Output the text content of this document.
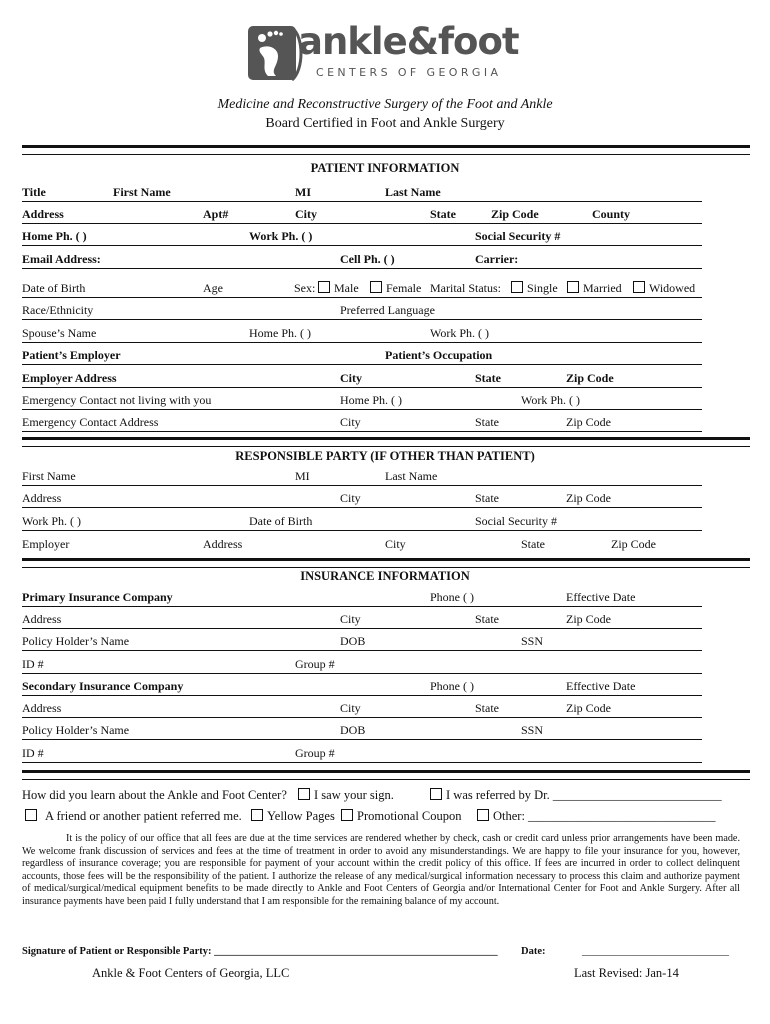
ankle&foot
CENTERS OF GEORGIA
Medicine and Reconstructive Surgery of the Foot and Ankle
Board Certified in Foot and Ankle Surgery
PATIENT INFORMATION
Title	First Name	MI	Last Name
Address	Apt#	City	State	Zip Code	County
Home Ph. ( )	Work Ph. ( )	Social Security #
Email Address:	Cell Ph. ( )	Carrier:
Date of Birth	Age	Sex:	Male	Female Marital Status:	Single	Married	Widowed
Race/Ethnicity	Preferred Language
Spouse’s Name	Home Ph. ( )	Work Ph. ( )
Patient’s Employer	Patient’s Occupation
Employer Address	City	State	Zip Code
Emergency Contact not living with you	Home Ph. ( )	Work Ph. ( )
Emergency Contact Address	City	State	Zip Code
RESPONSIBLE PARTY (IF OTHER THAN PATIENT)
First Name	MI	Last Name
Address	City	State	Zip Code
Work Ph. ( )	Date of Birth	Social Security #
Employer	Address	City	State	Zip Code
INSURANCE INFORMATION
Primary Insurance Company	Phone ( )	Effective Date
Address	City	State	Zip Code
Policy Holder’s Name	DOB	SSN
ID #	Group #
Secondary Insurance Company	Phone ( )	Effective Date
Address	City	State	Zip Code
Policy Holder’s Name	DOB	SSN
ID #	Group #
How did you learn about the Ankle and Foot Center?	I saw your sign.	I was referred by Dr. ___________________________
A friend or another patient referred me.	Yellow Pages	Promotional Coupon	Other: ______________________________
It is the policy of our office that all fees are due at the time services are rendered whether by check, cash or credit card unless prior arrangements have been made. We welcome frank discussion of services and fees at the time of treatment in order to avoid any misunderstandings. We are happy to file your insurance for you, however, regardless of insurance coverage; you are responsible for payment of your account within the credit policy of this office. If fees are incurred in order to collect delinquent accounts, those fees will be the responsibility of the patient. I authorize the release of any medical/surgical information necessary to process this claim and authorize payment of medical/surgical/medical equipment benefits to be made directly to Ankle and Foot Centers of Georgia and/or International Center for Foot and Ankle Surgery. After all insurance payments have been paid I fully understand that I am responsible for the remaining balance of my account.
Signature of Patient or Responsible Party: ______________________________________________________ Date:	____________________________
Ankle & Foot Centers of Georgia, LLC	Last Revised: Jan-14
